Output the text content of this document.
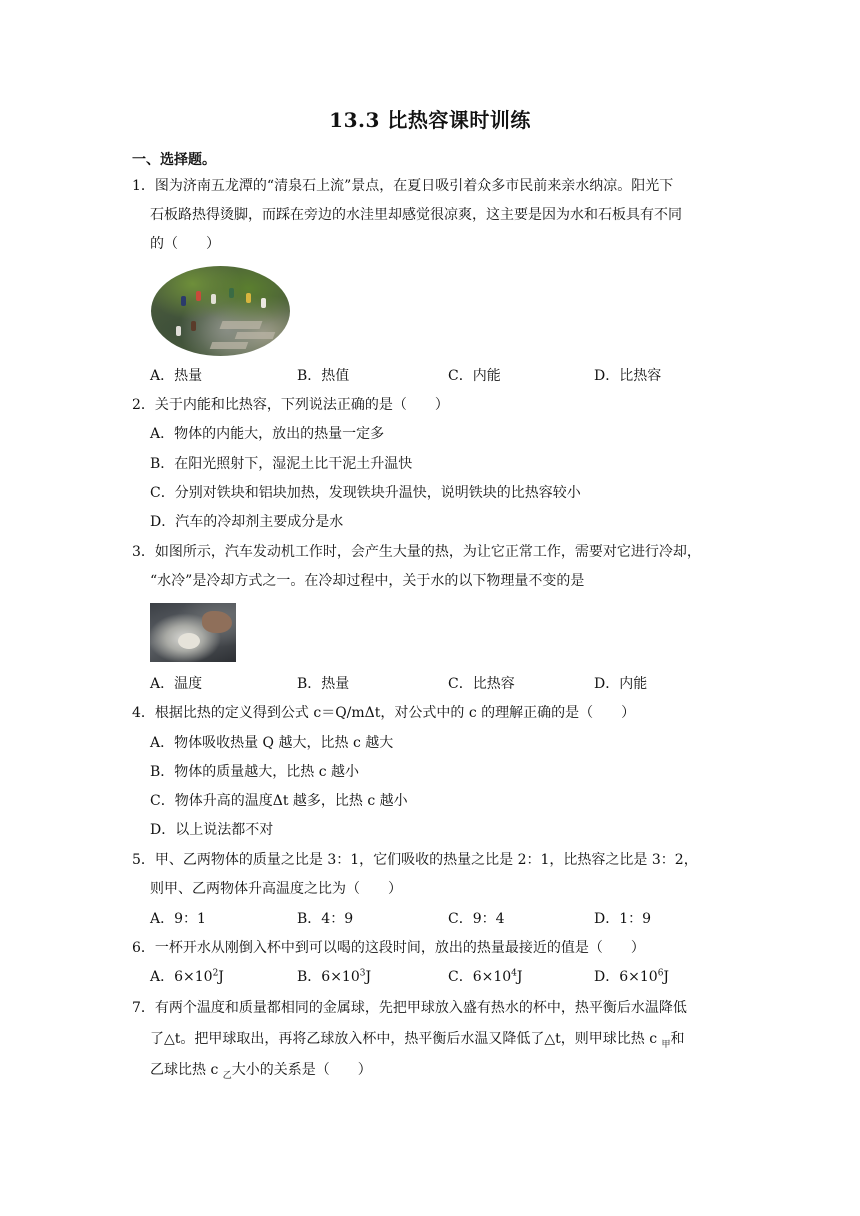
13.3 比热容课时训练
一、选择题。
1．图为济南五龙潭的“清泉石上流”景点，在夏日吸引着众多市民前来亲水纳凉。阳光下
石板路热得烫脚，而踩在旁边的水洼里却感觉很凉爽，这主要是因为水和石板具有不同
的（　　）
A．热量	B．热值	C．内能	D．比热容
2．关于内能和比热容，下列说法正确的是（　　）
A．物体的内能大，放出的热量一定多
B．在阳光照射下，湿泥土比干泥土升温快
C．分别对铁块和铝块加热，发现铁块升温快，说明铁块的比热容较小
D．汽车的冷却剂主要成分是水
3．如图所示，汽车发动机工作时，会产生大量的热，为让它正常工作，需要对它进行冷却，
“水冷”是冷却方式之一。在冷却过程中，关于水的以下物理量不变的是
A．温度	B．热量	C．比热容	D．内能
4．根据比热的定义得到公式 c＝Q/mΔt，对公式中的 c 的理解正确的是（　　）
A．物体吸收热量 Q 越大，比热 c 越大
B．物体的质量越大，比热 c 越小
C．物体升高的温度Δt 越多，比热 c 越小
D．以上说法都不对
5．甲、乙两物体的质量之比是 3：1，它们吸收的热量之比是 2：1，比热容之比是 3：2，
则甲、乙两物体升高温度之比为（　　）
A．9：1	B．4：9	C．9：4	D．1：9
6．一杯开水从刚倒入杯中到可以喝的这段时间，放出的热量最接近的值是（　　）
A．$6\times 10^2J$	B．$6\times 10^3J$	C．$6\times 10^4J$	D．$6\times 10^6J$
7．有两个温度和质量都相同的金属球，先把甲球放入盛有热水的杯中，热平衡后水温降低
了△t。把甲球取出，再将乙球放入杯中，热平衡后水温又降低了△t，则甲球比热 c $_甲$和
乙球比热 c $_乙$大小的关系是（　　）
